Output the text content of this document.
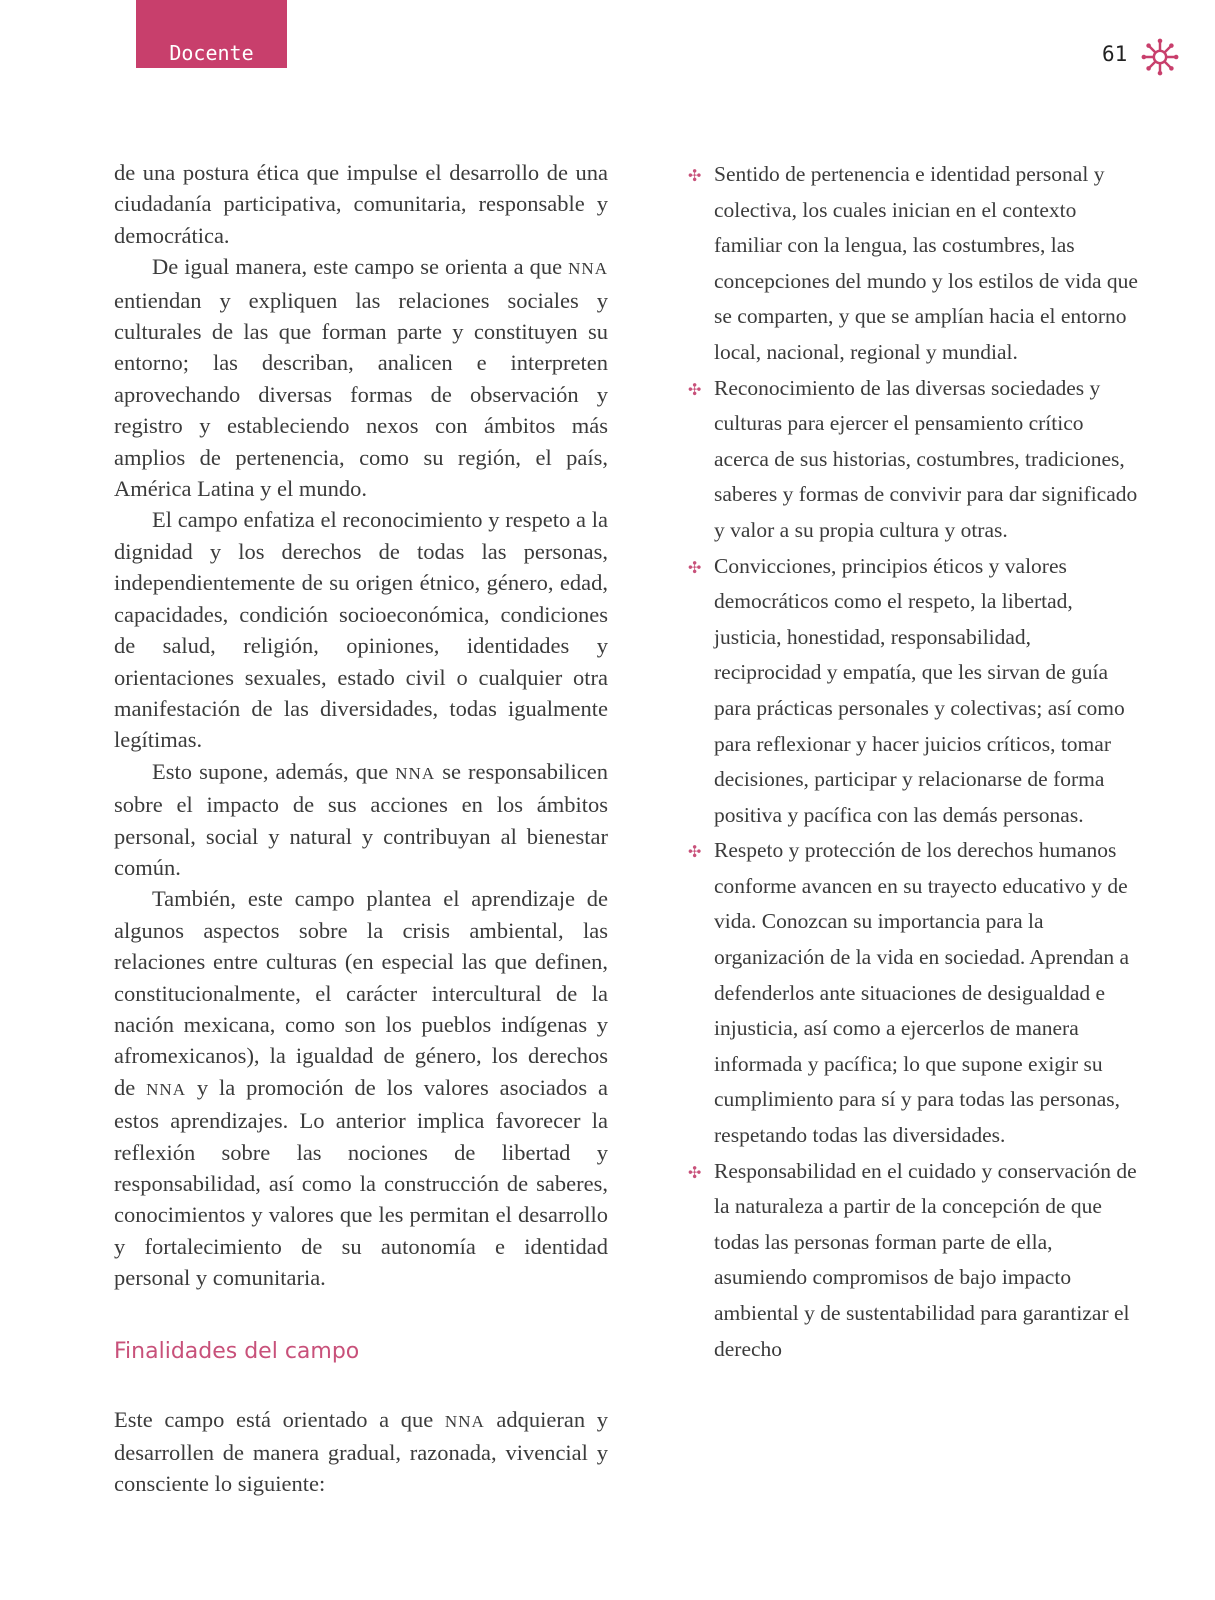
Docente	61

de una postura ética que impulse el desarrollo de una ciudadanía participativa, comunitaria, responsable y democrática.

De igual manera, este campo se orienta a que NNA entiendan y expliquen las relaciones sociales y culturales de las que forman parte y constituyen su entorno; las describan, analicen e interpreten aprovechando diversas formas de observación y registro y estableciendo nexos con ámbitos más amplios de pertenencia, como su región, el país, América Latina y el mundo.

El campo enfatiza el reconocimiento y respeto a la dignidad y los derechos de todas las personas, independientemente de su origen étnico, género, edad, capacidades, condición socioeconómica, condiciones de salud, religión, opiniones, identidades y orientaciones sexuales, estado civil o cualquier otra manifestación de las diversidades, todas igualmente legítimas.

Esto supone, además, que NNA se responsabilicen sobre el impacto de sus acciones en los ámbitos personal, social y natural y contribuyan al bienestar común.

También, este campo plantea el aprendizaje de algunos aspectos sobre la crisis ambiental, las relaciones entre culturas (en especial las que definen, constitucionalmente, el carácter intercultural de la nación mexicana, como son los pueblos indígenas y afromexicanos), la igualdad de género, los derechos de NNA y la promoción de los valores asociados a estos aprendizajes. Lo anterior implica favorecer la reflexión sobre las nociones de libertad y responsabilidad, así como la construcción de saberes, conocimientos y valores que les permitan el desarrollo y fortalecimiento de su autonomía e identidad personal y comunitaria.

Finalidades del campo

Este campo está orientado a que NNA adquieran y desarrollen de manera gradual, razonada, vivencial y consciente lo siguiente:

✣ Sentido de pertenencia e identidad personal y colectiva, los cuales inician en el contexto familiar con la lengua, las costumbres, las concepciones del mundo y los estilos de vida que se comparten, y que se amplían hacia el entorno local, nacional, regional y mundial.
✣ Reconocimiento de las diversas sociedades y culturas para ejercer el pensamiento crítico acerca de sus historias, costumbres, tradiciones, saberes y formas de convivir para dar significado y valor a su propia cultura y otras.
✣ Convicciones, principios éticos y valores democráticos como el respeto, la libertad, justicia, honestidad, responsabilidad, reciprocidad y empatía, que les sirvan de guía para prácticas personales y colectivas; así como para reflexionar y hacer juicios críticos, tomar decisiones, participar y relacionarse de forma positiva y pacífica con las demás personas.
✣ Respeto y protección de los derechos humanos conforme avancen en su trayecto educativo y de vida. Conozcan su importancia para la organización de la vida en sociedad. Aprendan a defenderlos ante situaciones de desigualdad e injusticia, así como a ejercerlos de manera informada y pacífica; lo que supone exigir su cumplimiento para sí y para todas las personas, respetando todas las diversidades.
✣ Responsabilidad en el cuidado y conservación de la naturaleza a partir de la concepción de que todas las personas forman parte de ella, asumiendo compromisos de bajo impacto ambiental y de sustentabilidad para garantizar el derecho
